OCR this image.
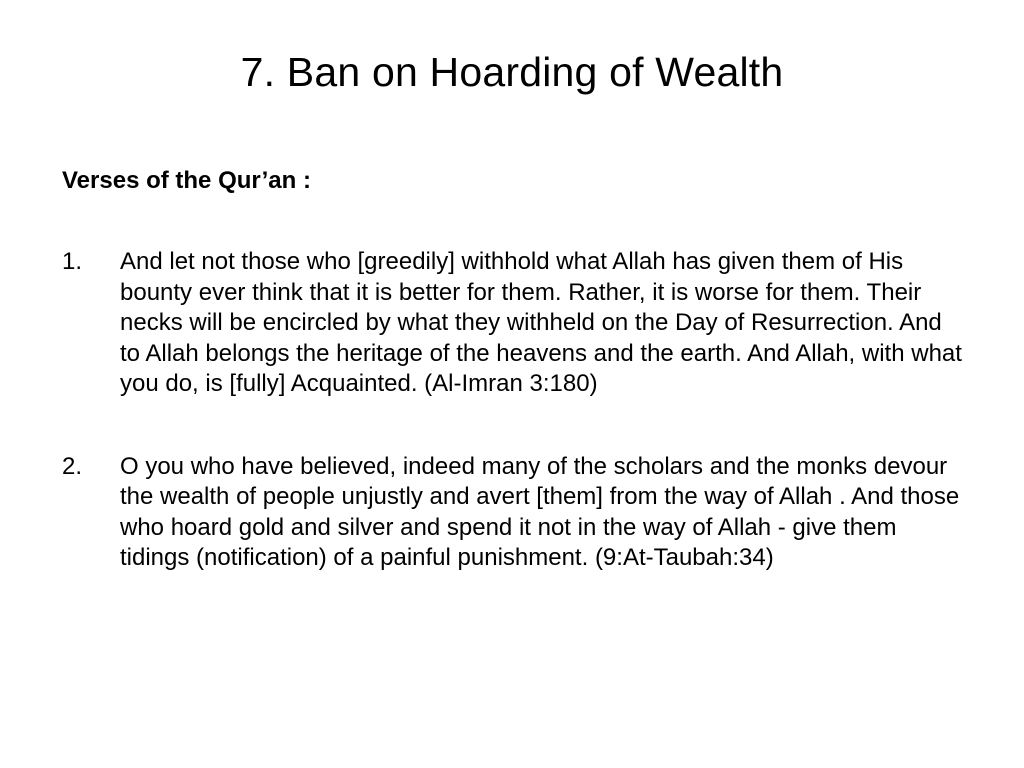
7. Ban on Hoarding of Wealth
Verses of the Qur’an :
1. And let not those who [greedily] withhold what Allah has given them of His bounty ever think that it is better for them. Rather, it is worse for them. Their necks will be encircled by what they withheld on the Day of Resurrection. And to Allah belongs the heritage of the heavens and the earth. And Allah, with what you do, is [fully] Acquainted. (Al-Imran 3:180)
2. O you who have believed, indeed many of the scholars and the monks devour the wealth of people unjustly and avert [them] from the way of Allah . And those who hoard gold and silver and spend it not in the way of Allah - give them tidings (notification) of a painful punishment. (9:At-Taubah:34)
